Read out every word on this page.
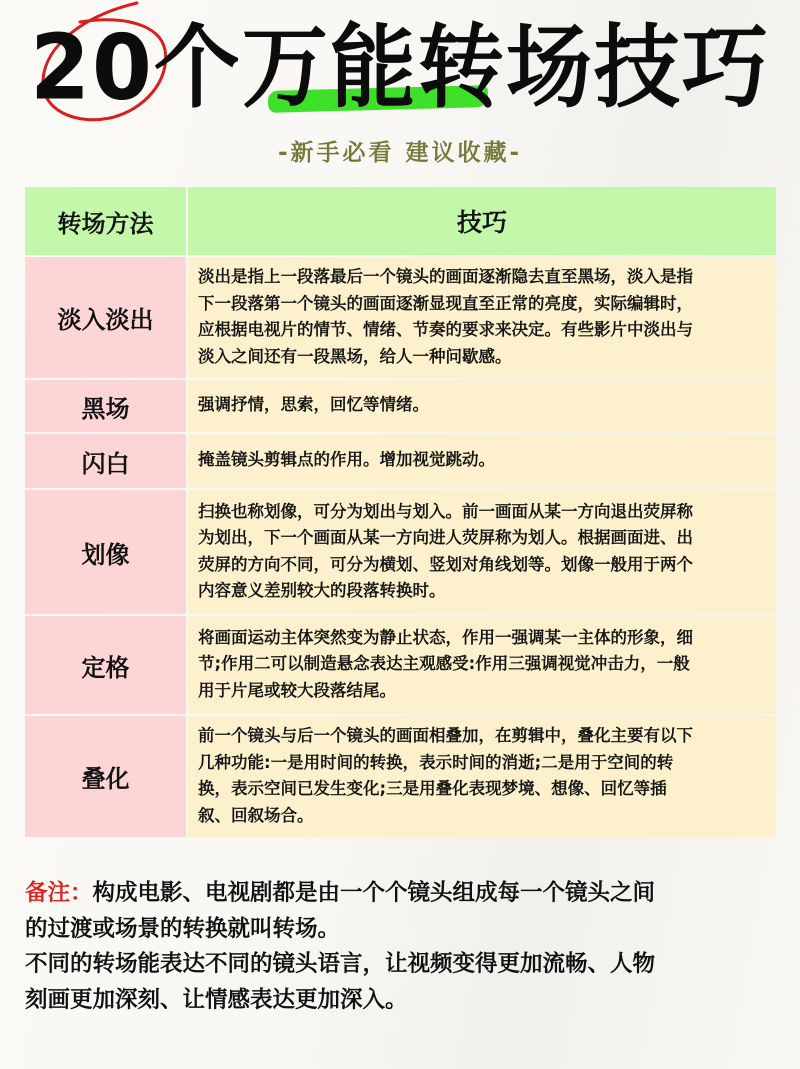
20个万能转场技巧
-新手必看 建议收藏-
转场方法		技巧
淡入淡出		淡出是指上一段落最后一个镜头的画面逐渐隐去直至黑场，淡入是指
下一段落第一个镜头的画面逐渐显现直至正常的亮度，实际编辑时，
应根据电视片的情节、情绪、节奏的要求来决定。有些影片中淡出与
淡入之间还有一段黑场，给人一种问歇感。

黑场		强调抒情，思索，回忆等情绪。

闪白		掩盖镜头剪辑点的作用。增加视觉跳动。

划像		扫换也称划像，可分为划出与划入。前一画面从某一方向退出荧屏称
为划出，下一个画面从某一方向进人荧屏称为划人。根据画面进、出
荧屏的方向不同，可分为横划、竖划对角线划等。划像一般用于两个
内容意义差别较大的段落转换时。

定格		将画面运动主体突然变为静止状态，作用一强调某一主体的形象，细
节;作用二可以制造悬念表达主观感受:作用三强调视觉冲击力，一般
用于片尾或较大段落结尾。

叠化		前一个镜头与后一个镜头的画面相叠加，在剪辑中，叠化主要有以下
几种功能:一是用时间的转换，表示时间的消逝;二是用于空间的转
换，表示空间已发生变化;三是用叠化表现梦境、想像、回忆等插
叙、回叙场合。
备注：构成电影、电视剧都是由一个个镜头组成每一个镜头之间
的过渡或场景的转换就叫转场。
不同的转场能表达不同的镜头语言，让视频变得更加流畅、人物
刻画更加深刻、让情感表达更加深入。
